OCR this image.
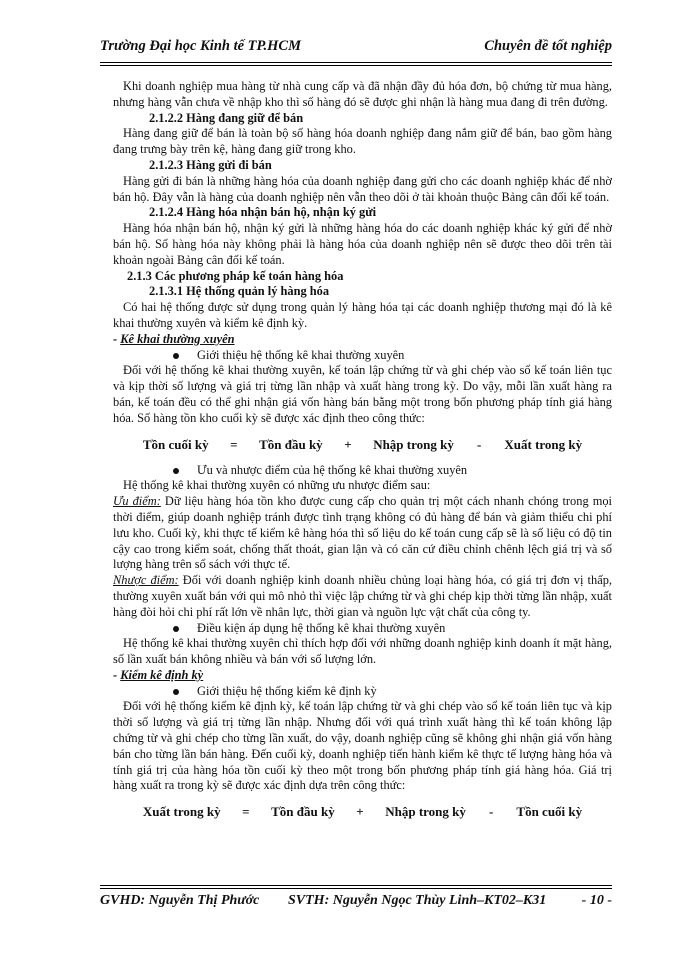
Trường Đại học Kinh tế TP.HCM	Chuyên đề tốt nghiệp

Khi doanh nghiệp mua hàng từ nhà cung cấp và đã nhận đầy đủ hóa đơn, bộ chứng từ mua hàng, nhưng hàng vẫn chưa về nhập kho thì số hàng đó sẽ được ghi nhận là hàng mua đang đi trên đường.

2.1.2.2 Hàng đang giữ để bán

Hàng đang giữ để bán là toàn bộ số hàng hóa doanh nghiệp đang nắm giữ để bán, bao gồm hàng đang trưng bày trên kệ, hàng đang giữ trong kho.

2.1.2.3 Hàng gửi đi bán

Hàng gửi đi bán là những hàng hóa của doanh nghiệp đang gửi cho các doanh nghiệp khác để nhờ bán hộ. Đây vẫn là hàng của doanh nghiệp nên vẫn theo dõi ở tài khoản thuộc Bảng cân đối kế toán.

2.1.2.4 Hàng hóa nhận bán hộ, nhận ký gửi

Hàng hóa nhận bán hộ, nhận ký gửi là những hàng hóa do các doanh nghiệp khác ký gửi để nhờ bán hộ. Số hàng hóa này không phải là hàng hóa của doanh nghiệp nên sẽ được theo dõi trên tài khoản ngoài Bảng cân đối kế toán.

2.1.3 Các phương pháp kế toán hàng hóa

2.1.3.1 Hệ thống quản lý hàng hóa

Có hai hệ thống được sử dụng trong quản lý hàng hóa tại các doanh nghiệp thương mại đó là kê khai thường xuyên và kiểm kê định kỳ.

- Kê khai thường xuyên

Giới thiệu hệ thống kê khai thường xuyên

Đối với hệ thống kê khai thường xuyên, kế toán lập chứng từ và ghi chép vào sổ kế toán liên tục và kịp thời số lượng và giá trị từng lần nhập và xuất hàng trong kỳ. Do vậy, mỗi lần xuất hàng ra bán, kế toán đều có thể ghi nhận giá vốn hàng bán bằng một trong bốn phương pháp tính giá hàng hóa. Số hàng tồn kho cuối kỳ sẽ được xác định theo công thức:

Tồn cuối kỳ = Tồn đầu kỳ + Nhập trong kỳ - Xuất trong kỳ

Ưu và nhược điểm của hệ thống kê khai thường xuyên

Hệ thống kê khai thường xuyên có những ưu nhược điểm sau:

Ưu điểm: Dữ liệu hàng hóa tồn kho được cung cấp cho quản trị một cách nhanh chóng trong mọi thời điểm, giúp doanh nghiệp tránh được tình trạng không có đủ hàng để bán và giảm thiểu chi phí lưu kho. Cuối kỳ, khi thực tế kiểm kê hàng hóa thì số liệu do kế toán cung cấp sẽ là số liệu có độ tin cậy cao trong kiểm soát, chống thất thoát, gian lận và có căn cứ điều chỉnh chênh lệch giá trị và số lượng hàng trên sổ sách với thực tế.

Nhược điểm: Đối với doanh nghiệp kinh doanh nhiều chủng loại hàng hóa, có giá trị đơn vị thấp, thường xuyên xuất bán với qui mô nhỏ thì việc lập chứng từ và ghi chép kịp thời từng lần nhập, xuất hàng đòi hỏi chi phí rất lớn về nhân lực, thời gian và nguồn lực vật chất của công ty.

Điều kiện áp dụng hệ thống kê khai thường xuyên

Hệ thống kê khai thường xuyên chỉ thích hợp đối với những doanh nghiệp kinh doanh ít mặt hàng, số lần xuất bán không nhiều và bán với số lượng lớn.

- Kiểm kê định kỳ

Giới thiệu hệ thống kiểm kê định kỳ

Đối với hệ thống kiểm kê định kỳ, kế toán lập chứng từ và ghi chép vào sổ kế toán liên tục và kịp thời số lượng và giá trị từng lần nhập. Nhưng đối với quá trình xuất hàng thì kế toán không lập chứng từ và ghi chép cho từng lần xuất, do vậy, doanh nghiệp cũng sẽ không ghi nhận giá vốn hàng bán cho từng lần bán hàng. Đến cuối kỳ, doanh nghiệp tiến hành kiểm kê thực tế lượng hàng hóa và tính giá trị của hàng hóa tồn cuối kỳ theo một trong bốn phương pháp tính giá hàng hóa. Giá trị hàng xuất ra trong kỳ sẽ được xác định dựa trên công thức:

Xuất trong kỳ = Tồn đầu kỳ + Nhập trong kỳ - Tồn cuối kỳ
GVHD: Nguyễn Thị Phước SVTH: Nguyễn Ngọc Thùy Linh–KT02–K31	- 10 -
